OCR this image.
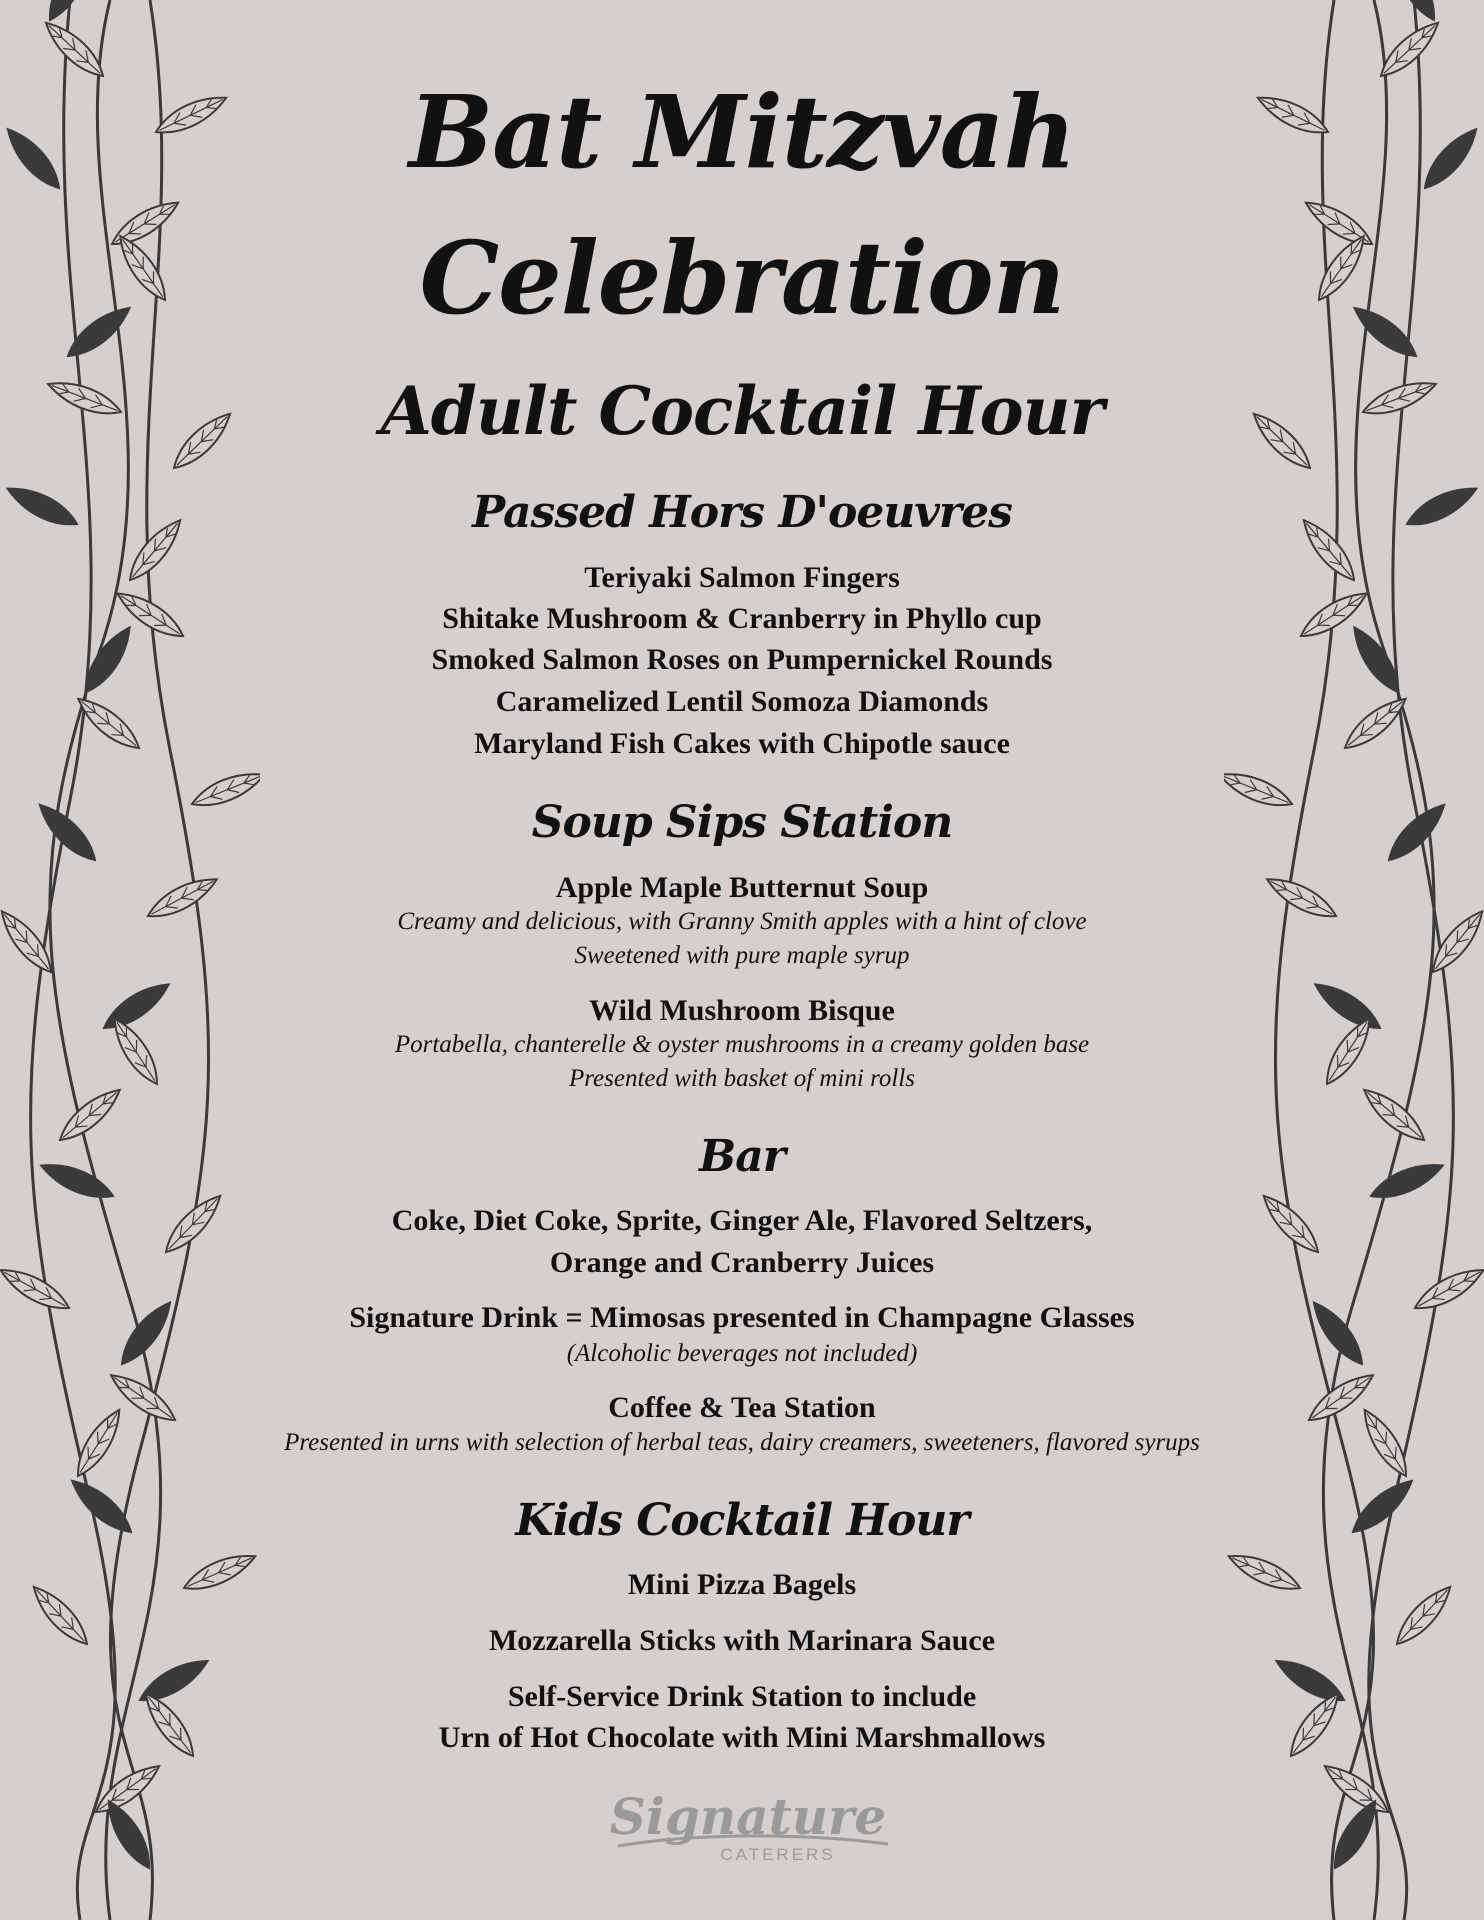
Bat Mitzvah
Celebration
Adult Cocktail Hour
Passed Hors D'oeuvres
Teriyaki Salmon Fingers
Shitake Mushroom & Cranberry in Phyllo cup
Smoked Salmon Roses on Pumpernickel Rounds
Caramelized Lentil Somoza Diamonds
Maryland Fish Cakes with Chipotle sauce
Soup Sips Station
Apple Maple Butternut Soup
Creamy and delicious, with Granny Smith apples with a hint of clove
Sweetened with pure maple syrup
Wild Mushroom Bisque
Portabella, chanterelle & oyster mushrooms in a creamy golden base
Presented with basket of mini rolls
Bar
Coke, Diet Coke, Sprite, Ginger Ale, Flavored Seltzers,
Orange and Cranberry Juices
Signature Drink = Mimosas presented in Champagne Glasses
(Alcoholic beverages not included)
Coffee & Tea Station
Presented in urns with selection of herbal teas, dairy creamers, sweeteners, flavored syrups
Kids Cocktail Hour
Mini Pizza Bagels
Mozzarella Sticks with Marinara Sauce
Self-Service Drink Station to include
Urn of Hot Chocolate with Mini Marshmallows
Signature
CATERERS
